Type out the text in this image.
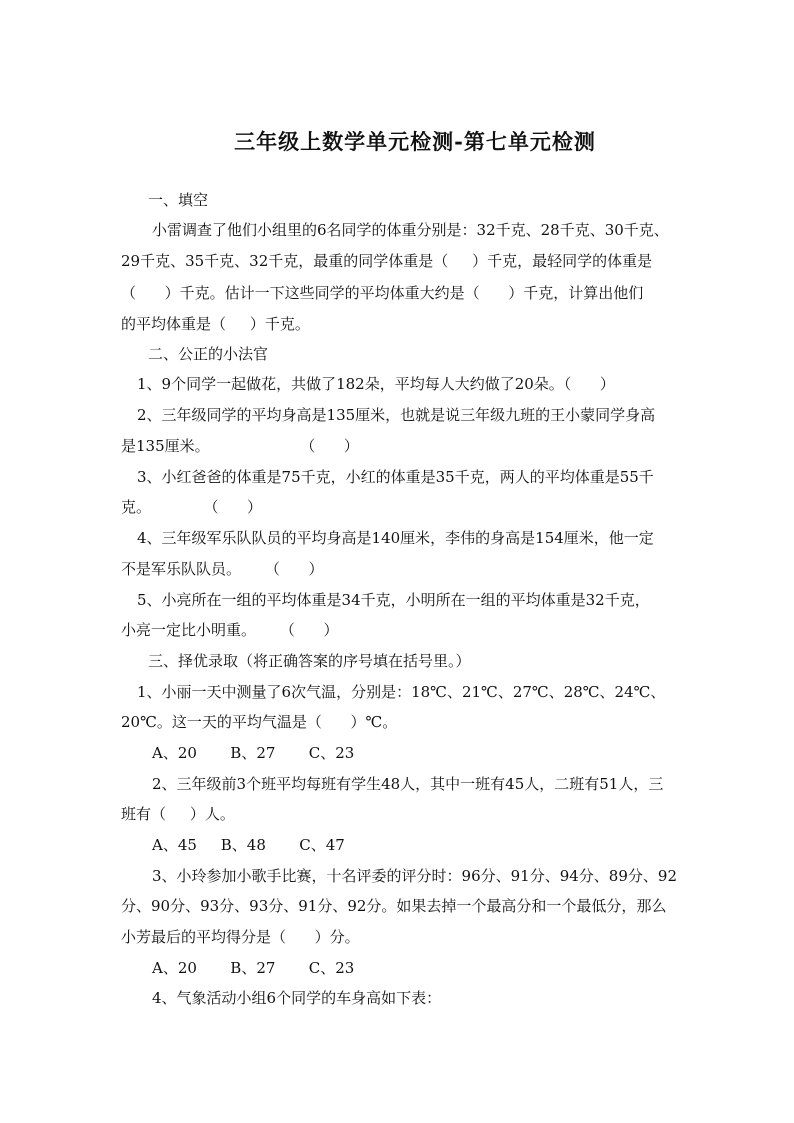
三年级上数学单元检测-第七单元检测
一、填空
小雷调查了他们小组里的6名同学的体重分别是：32千克、28千克、30千克、
29千克、35千克、32千克，最重的同学体重是（     ）千克，最轻同学的体重是
（      ）千克。估计一下这些同学的平均体重大约是（      ）千克，计算出他们
的平均体重是（     ）千克。
二、公正的小法官
1、9个同学一起做花，共做了182朵，平均每人大约做了20朵。（      ）
2、三年级同学的平均身高是135厘米，也就是说三年级九班的王小蒙同学身高
是135厘米。                   （      ）
3、小红爸爸的体重是75千克，小红的体重是35千克，两人的平均体重是55千
克。           （      ）
4、三年级军乐队队员的平均身高是140厘米，李伟的身高是154厘米，他一定
不是军乐队队员。     （      ）
5、小亮所在一组的平均体重是34千克，小明所在一组的平均体重是32千克，
小亮一定比小明重。     （      ）
三、择优录取（将正确答案的序号填在括号里。）
1、小丽一天中测量了6次气温，分别是：18℃、21℃、27℃、28℃、24℃、
20℃。这一天的平均气温是（      ）℃。
A、20       B、27       C、23
2、三年级前3个班平均每班有学生48人，其中一班有45人，二班有51人，三
班有（     ）人。
A、45     B、48       C、47
3、小玲参加小歌手比赛，十名评委的评分时：96分、91分、94分、89分、92
分、90分、93分、93分、91分、92分。如果去掉一个最高分和一个最低分，那么
小芳最后的平均得分是（      ）分。
A、20       B、27       C、23
4、气象活动小组6个同学的车身高如下表：
